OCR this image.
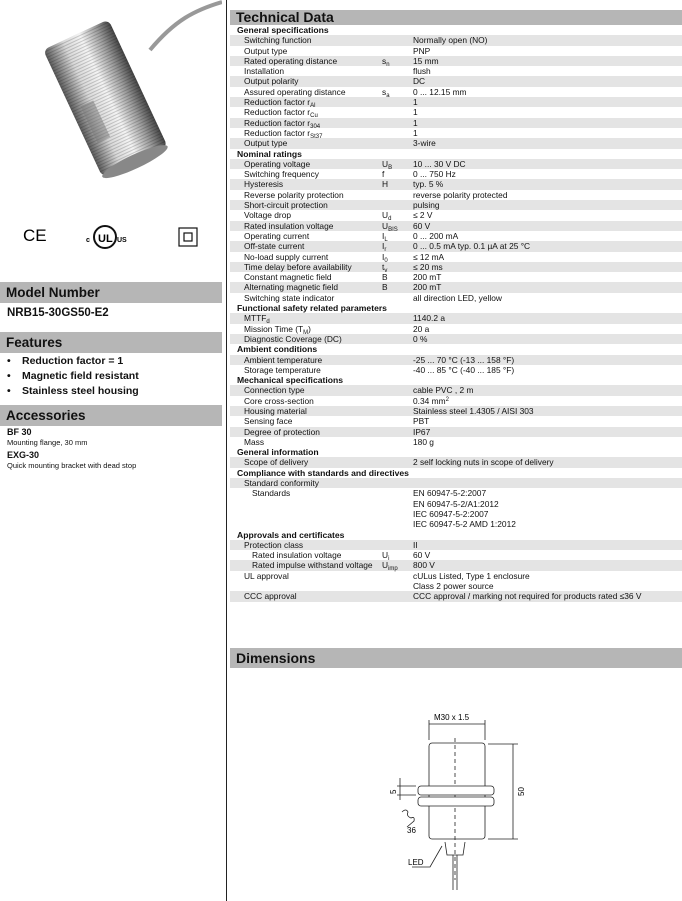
CE	c UL US
Model Number
NRB15-30GS50-E2
Features
• Reduction factor = 1
• Magnetic field resistant
• Stainless steel housing
Accessories
BF 30
Mounting flange, 30 mm
EXG-30
Quick mounting bracket with dead stop
Technical Data
General specifications
Switching function	Normally open (NO)
Output type	PNP
Rated operating distance	$s_n$	15 mm
Installation	flush
Output polarity	DC
Assured operating distance	$s_a$	0 ... 12.15 mm
Reduction factor $r_{Al}$	1
Reduction factor $r_{Cu}$	1
Reduction factor $r_{304}$	1
Reduction factor $r_{St37}$	1
Output type	3-wire
Nominal ratings
Operating voltage	$U_B$	10 ... 30 V DC
Switching frequency	f	0 ... 750 Hz
Hysteresis	H	typ. 5 %
Reverse polarity protection	reverse polarity protected
Short-circuit protection	pulsing
Voltage drop	$U_d$	≤ 2 V
Rated insulation voltage	$U_{BIS}$	60 V
Operating current	$I_L$	0 ... 200 mA
Off-state current	$I_r$	0 ... 0.5 mA typ. 0.1 µA at 25 °C
No-load supply current	$I_0$	≤ 12 mA
Time delay before availability	$t_v$	≤ 20 ms
Constant magnetic field	B	200 mT
Alternating magnetic field	B	200 mT
Switching state indicator	all direction LED, yellow
Functional safety related parameters
$MTTF_d$	1140.2 a
Mission Time $(T_M)$	20 a
Diagnostic Coverage (DC)	0 %
Ambient conditions
Ambient temperature	-25 ... 70 °C (-13 ... 158 °F)
Storage temperature	-40 ... 85 °C (-40 ... 185 °F)
Mechanical specifications
Connection type	cable PVC , 2 m
Core cross-section	0.34 $mm^2$
Housing material	Stainless steel 1.4305 / AISI 303
Sensing face	PBT
Degree of protection	IP67
Mass	180 g
General information
Scope of delivery	2 self locking nuts in scope of delivery
Compliance with standards and directives
Standard conformity
Standards	EN 60947-5-2:2007
EN 60947-5-2/A1:2012
IEC 60947-5-2:2007
IEC 60947-5-2 AMD 1:2012
Approvals and certificates
Protection class	II
Rated insulation voltage	$U_i$	60 V
Rated impulse withstand voltage	$U_{imp}$	800 V
UL approval	cULus Listed, Type 1 enclosure
Class 2 power source
CCC approval	CCC approval / marking not required for products rated ≤36 V
Dimensions
M30 x 1.5
50
5
36
LED
